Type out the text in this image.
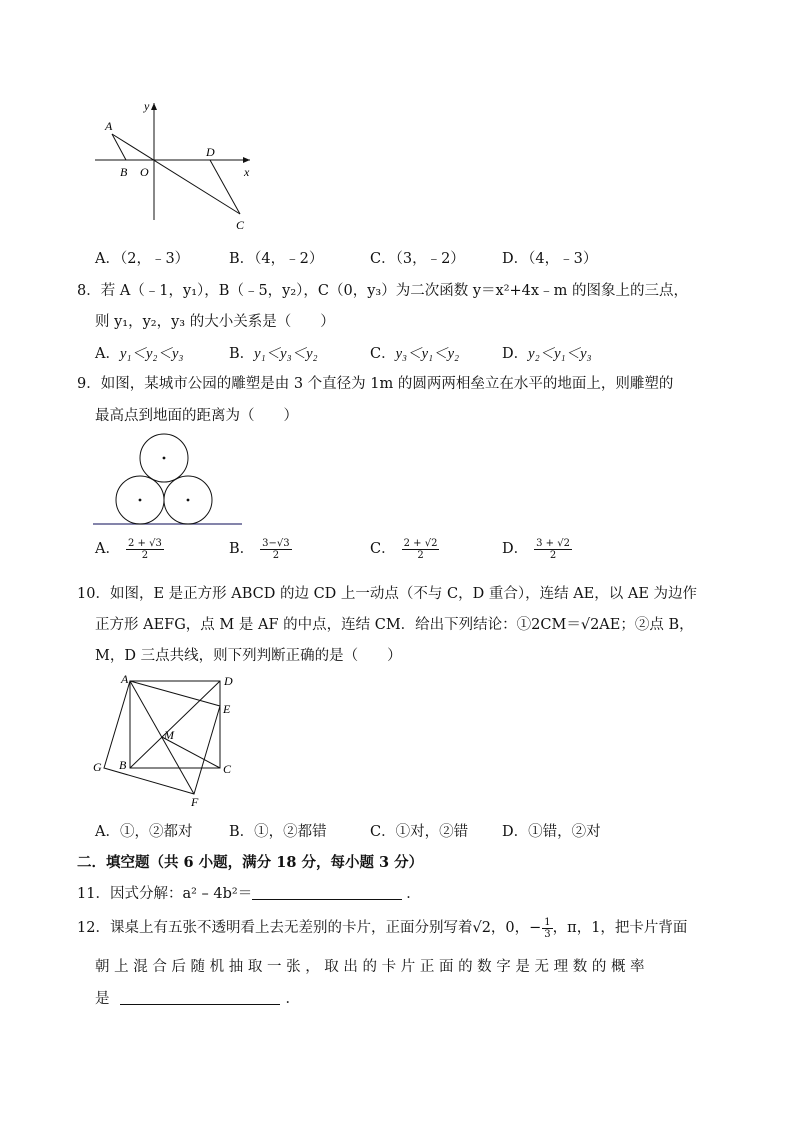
y
A
B O
D
x
C
A．（2，﹣3）	B．（4，﹣2）	C．（3，﹣2）	D．（4，﹣3）
8．若 A（﹣1，y₁），B（﹣5，y₂），C（0，y₃）为二次函数 y＝x²+4x﹣m 的图象上的三点，
则 y₁，y₂，y₃ 的大小关系是（　　）
A．y₁＜y₂＜y₃	B．y₁＜y₃＜y₂	C．y₃＜y₁＜y₂	D．y₂＜y₁＜y₃
9．如图，某城市公园的雕塑是由 3 个直径为 1m 的圆两两相垒立在水平的地面上，则雕塑的
最高点到地面的距离为（　　）
A． $\frac{2 + √3}{2}$	B． $\frac{3-√3}{2}$	C． $\frac{2 + √2}{2}$	D． $\frac{3 + √2}{2}$
10．如图，E 是正方形 ABCD 的边 CD 上一动点（不与 C，D 重合），连结 AE，以 AE 为边作
正方形 AEFG，点 M 是 AF 的中点，连结 CM．给出下列结论：①2CM＝√2AE；②点 B，
M，D 三点共线，则下列判断正确的是（　　）
A	D
E
M
G B	C
F
A．①，②都对	B．①，②都错	C．①对，②错 D．①错，②对
二．填空题（共 6 小题，满分 18 分，每小题 3 分）
11．因式分解：a² – 4b²＝	．
12．课桌上有五张不透明看上去无差别的卡片，正面分别写着√2，0，− $\frac{1}{3}$ ，π，1，把卡片背面
朝 上 混 合 后 随 机 抽 取 一 张 ， 取 出 的 卡 片 正 面 的 数 字 是 无 理 数 的 概 率
是	．
